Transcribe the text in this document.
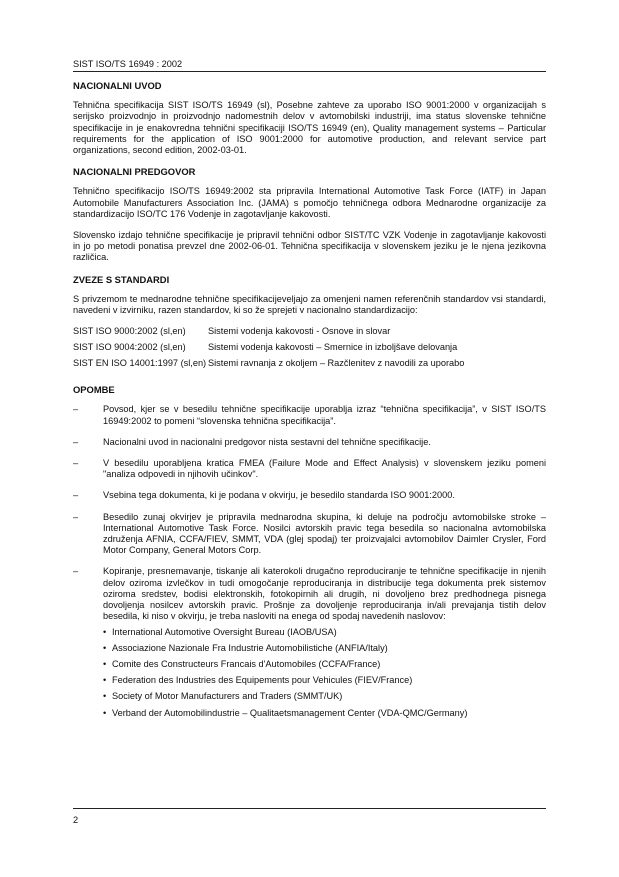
SIST ISO/TS 16949 : 2002
NACIONALNI UVOD

Tehnična specifikacija SIST ISO/TS 16949 (sl), Posebne zahteve za uporabo ISO 9001:2000 v organizacijah s serijsko proizvodnjo in proizvodnjo nadomestnih delov v avtomobilski industriji, ima status slovenske tehnične specifikacije in je enakovredna tehnični specifikaciji ISO/TS 16949 (en), Quality management systems – Particular requirements for the application of ISO 9001:2000 for automotive production, and relevant service part organizations, second edition, 2002-03-01.

NACIONALNI PREDGOVOR

Tehnično specifikacijo ISO/TS 16949:2002 sta pripravila International Automotive Task Force (IATF) in Japan Automobile Manufacturers Association Inc. (JAMA) s pomočjo tehničnega odbora Mednarodne organizacije za standardizacijo ISO/TC 176 Vodenje in zagotavljanje kakovosti.

Slovensko izdajo tehnične specifikacije je pripravil tehnični odbor SIST/TC VZK Vodenje in zagotavljanje kakovosti in jo po metodi ponatisa prevzel dne 2002-06-01. Tehnična specifikacija v slovenskem jeziku je le njena jezikovna različica.

ZVEZE S STANDARDI

S privzemom te mednarodne tehnične specifikacijeveljajo za omenjeni namen referenčnih standardov vsi standardi, navedeni v izvirniku, razen standardov, ki so že sprejeti v nacionalno standardizacijo:

SIST ISO 9000:2002 (sl,en)	Sistemi vodenja kakovosti - Osnove in slovar
SIST ISO 9004:2002 (sl,en)	Sistemi vodenja kakovosti – Smernice in izboljšave delovanja
SIST EN ISO 14001:1997 (sl,en) Sistemi ravnanja z okoljem – Razčlenitev z navodili za uporabo
OPOMBE
–	Povsod, kjer se v besedilu tehnične specifikacije uporablja izraz “tehnična specifikacija”, v SIST ISO/TS 16949:2002 to pomeni “slovenska tehnična specifikacija”.
–	Nacionalni uvod in nacionalni predgovor nista sestavni del tehnične specifikacije.
–	V besedilu uporabljena kratica FMEA (Failure Mode and Effect Analysis) v slovenskem jeziku pomeni "analiza odpovedi in njihovih učinkov".
–	Vsebina tega dokumenta, ki je podana v okvirju, je besedilo standarda ISO 9001:2000.
–	Besedilo zunaj okvirjev je pripravila mednarodna skupina, ki deluje na področju avtomobilske stroke – International Automotive Task Force. Nosilci avtorskih pravic tega besedila so nacionalna avtomobilska združenja AFNIA, CCFA/FIEV, SMMT, VDA (glej spodaj) ter proizvajalci avtomobilov Daimler Crysler, Ford Motor Company, General Motors Corp.
–	Kopiranje, presnemavanje, tiskanje ali katerokoli drugačno reproduciranje te tehnične specifikacije in njenih delov oziroma izvlečkov in tudi omogočanje reproduciranja in distribucije tega dokumenta prek sistemov oziroma sredstev, bodisi elektronskih, fotokopirnih ali drugih, ni dovoljeno brez predhodnega pisnega dovoljenja nosilcev avtorskih pravic. Prošnje za dovoljenje reproduciranja in/ali prevajanja tistih delov besedila, ki niso v okvirju, je treba nasloviti na enega od spodaj navedenih naslovov:
• International Automotive Oversight Bureau (IAOB/USA)
• Associazione Nazionale Fra Industrie Automobilistiche (ANFIA/Italy)
• Comite des Constructeurs Francais d'Automobiles (CCFA/France)
• Federation des Industries des Equipements pour Vehicules (FIEV/France)
• Society of Motor Manufacturers and Traders (SMMT/UK)
• Verband der Automobilindustrie – Qualitaetsmanagement Center (VDA-QMC/Germany)
2
